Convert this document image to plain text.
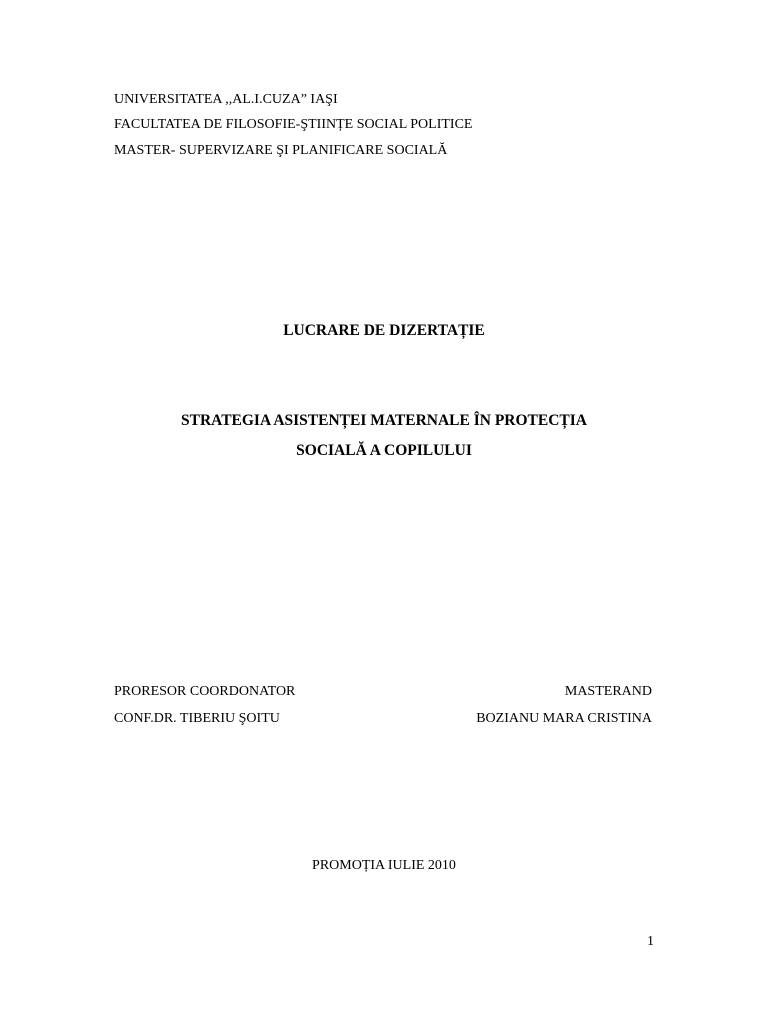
UNIVERSITATEA ,,AL.I.CUZA” IAŞI
FACULTATEA DE FILOSOFIE-ŞTIINȚE SOCIAL POLITICE
MASTER- SUPERVIZARE ŞI PLANIFICARE SOCIALĂ
LUCRARE DE DIZERTAȚIE
STRATEGIA ASISTENȚEI MATERNALE ÎN PROTECȚIA
SOCIALĂ A COPILULUI
PRORESOR COORDONATOR
CONF.DR. TIBERIU ŞOITU
MASTERAND
BOZIANU MARA CRISTINA
PROMOȚIA IULIE 2010
1
